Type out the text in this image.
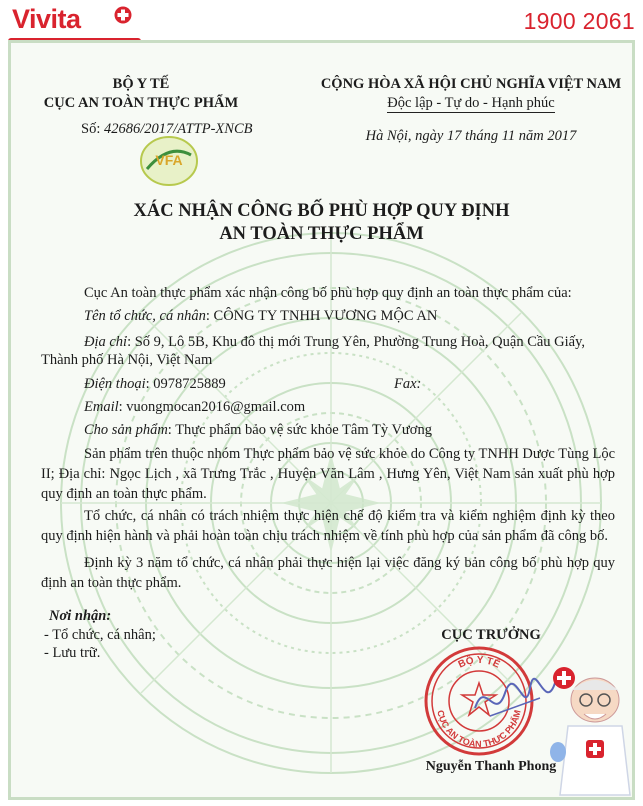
Vivita	1900 2061
VFA
BỘ Y TẾ
CỤC AN TOÀN THỰC PHẨM
Số: 42686/2017/ATTP-XNCB
CỘNG HÒA XÃ HỘI CHỦ NGHĨA VIỆT NAM
Độc lập - Tự do - Hạnh phúc
Hà Nội, ngày 17 tháng 11 năm 2017
XÁC NHẬN CÔNG BỐ PHÙ HỢP QUY ĐỊNH
AN TOÀN THỰC PHẨM
Cục An toàn thực phẩm xác nhận công bố phù hợp quy định an toàn thực phẩm của:
Tên tổ chức, cá nhân: CÔNG TY TNHH VƯƠNG MỘC AN
Địa chỉ: Số 9, Lô 5B, Khu đô thị mới Trung Yên, Phường Trung Hoà, Quận Cầu Giấy,
Thành phố Hà Nội, Việt Nam
Điện thoại: 0978725889	Fax:
Email: vuongmocan2016@gmail.com
Cho sản phẩm: Thực phẩm bảo vệ sức khỏe Tâm Tỳ Vương
Sản phẩm trên thuộc nhóm Thực phẩm bảo vệ sức khỏe do Công ty TNHH Dược Tùng Lộc II; Địa chỉ: Ngọc Lịch , xã Trưng Trắc , Huyện Văn Lâm , Hưng Yên, Việt Nam sản xuất phù hợp quy định an toàn thực phẩm.
Tổ chức, cá nhân có trách nhiệm thực hiện chế độ kiểm tra và kiểm nghiệm định kỳ theo quy định hiện hành và phải hoàn toàn chịu trách nhiệm về tính phù hợp của sản phẩm đã công bố.
Định kỳ 3 năm tổ chức, cá nhân phải thực hiện lại việc đăng ký bản công bố phù hợp quy định an toàn thực phẩm.
Nơi nhận:
- Tổ chức, cá nhân;
- Lưu trữ.
CỤC TRƯỞNG
Nguyễn Thanh Phong
BỘ Y TẾ
CỤC AN TOÀN THỰC PHẨM
